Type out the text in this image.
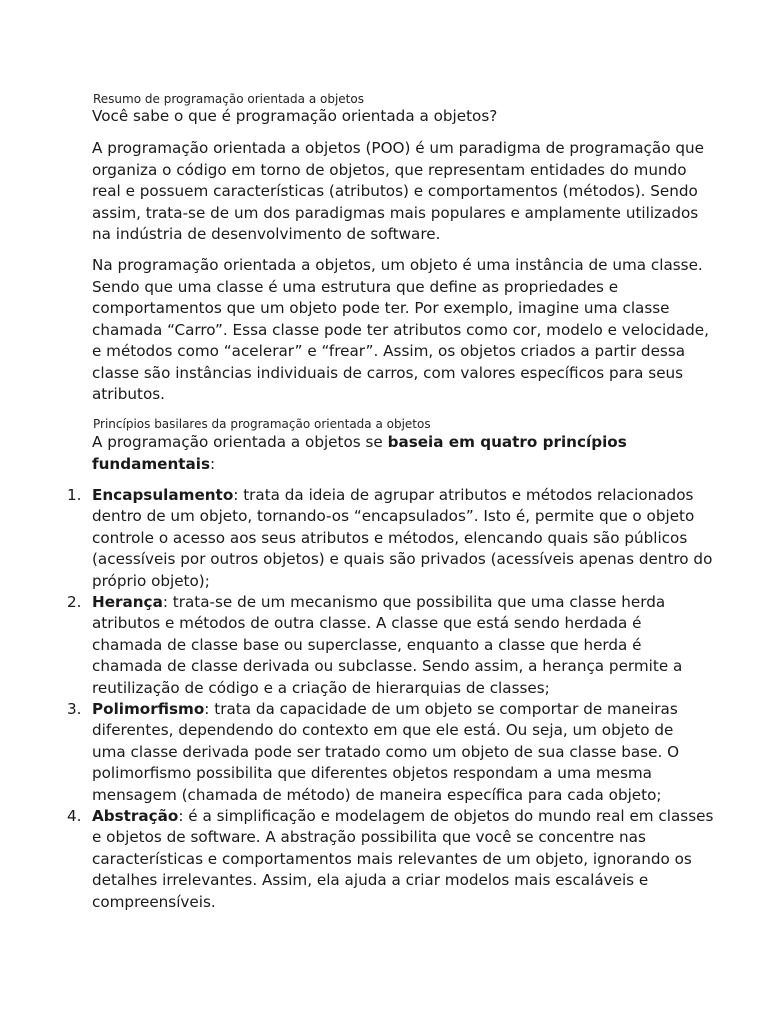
Resumo de programação orientada a objetos
Você sabe o que é programação orientada a objetos?
A programação orientada a objetos (POO) é um paradigma de programação que
organiza o código em torno de objetos, que representam entidades do mundo
real e possuem características (atributos) e comportamentos (métodos). Sendo
assim, trata-se de um dos paradigmas mais populares e amplamente utilizados
na indústria de desenvolvimento de software.
Na programação orientada a objetos, um objeto é uma instância de uma classe.
Sendo que uma classe é uma estrutura que define as propriedades e
comportamentos que um objeto pode ter. Por exemplo, imagine uma classe
chamada “Carro”. Essa classe pode ter atributos como cor, modelo e velocidade,
e métodos como “acelerar” e “frear”. Assim, os objetos criados a partir dessa
classe são instâncias individuais de carros, com valores específicos para seus
atributos.
Princípios basilares da programação orientada a objetos
A programação orientada a objetos se baseia em quatro princípios
fundamentais:
1. Encapsulamento: trata da ideia de agrupar atributos e métodos relacionados
dentro de um objeto, tornando-os “encapsulados”. Isto é, permite que o objeto
controle o acesso aos seus atributos e métodos, elencando quais são públicos
(acessíveis por outros objetos) e quais são privados (acessíveis apenas dentro do
próprio objeto);
2. Herança: trata-se de um mecanismo que possibilita que uma classe herda
atributos e métodos de outra classe. A classe que está sendo herdada é
chamada de classe base ou superclasse, enquanto a classe que herda é
chamada de classe derivada ou subclasse. Sendo assim, a herança permite a
reutilização de código e a criação de hierarquias de classes;
3. Polimorfismo: trata da capacidade de um objeto se comportar de maneiras
diferentes, dependendo do contexto em que ele está. Ou seja, um objeto de
uma classe derivada pode ser tratado como um objeto de sua classe base. O
polimorfismo possibilita que diferentes objetos respondam a uma mesma
mensagem (chamada de método) de maneira específica para cada objeto;
4. Abstração: é a simplificação e modelagem de objetos do mundo real em classes
e objetos de software. A abstração possibilita que você se concentre nas
características e comportamentos mais relevantes de um objeto, ignorando os
detalhes irrelevantes. Assim, ela ajuda a criar modelos mais escaláveis e
compreensíveis.
